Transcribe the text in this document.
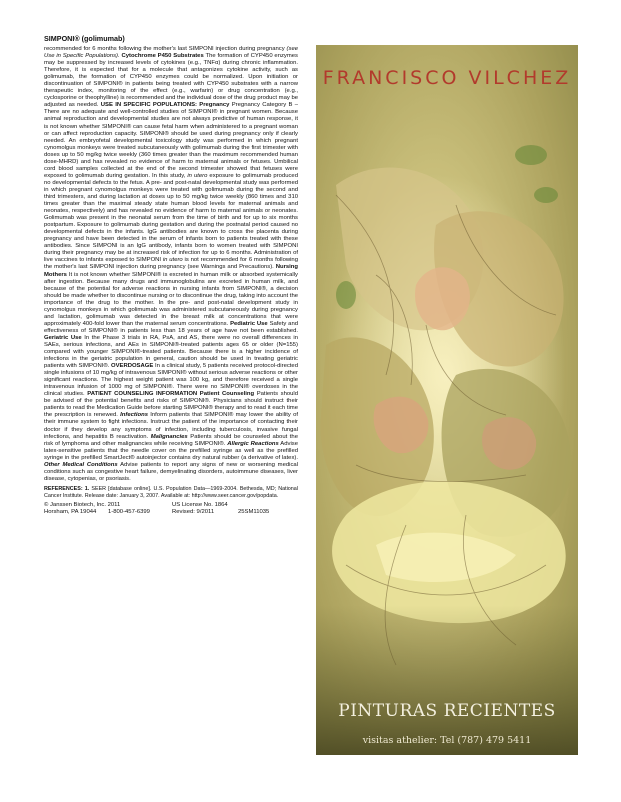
SIMPONI® (golimumab)

recommended for 6 months following the mother's last SIMPONI injection during pregnancy (see Use in Specific Populations). Cytochrome P450 Substrates The formation of CYP450 enzymes may be suppressed by increased levels of cytokines (e.g., TNFα) during chronic inflammation. Therefore, it is expected that for a molecule that antagonizes cytokine activity, such as golimumab, the formation of CYP450 enzymes could be normalized. Upon initiation or discontinuation of SIMPONI® in patients being treated with CYP450 substrates with a narrow therapeutic index, monitoring of the effect (e.g., warfarin) or drug concentration (e.g., cyclosporine or theophylline) is recommended and the individual dose of the drug product may be adjusted as needed. USE IN SPECIFIC POPULATIONS: Pregnancy Pregnancy Category B – There are no adequate and well-controlled studies of SIMPONI® in pregnant women. Because animal reproduction and developmental studies are not always predictive of human response, it is not known whether SIMPONI® can cause fetal harm when administered to a pregnant woman or can affect reproduction capacity. SIMPONI® should be used during pregnancy only if clearly needed. An embryofetal developmental toxicology study was performed in which pregnant cynomolgus monkeys were treated subcutaneously with golimumab during the first trimester with doses up to 50 mg/kg twice weekly (360 times greater than the maximum recommended human dose-MHRD) and has revealed no evidence of harm to maternal animals or fetuses. Umbilical cord blood samples collected at the end of the second trimester showed that fetuses were exposed to golimumab during gestation. In this study, in utero exposure to golimumab produced no developmental defects to the fetus. A pre- and post-natal developmental study was performed in which pregnant cynomolgus monkeys were treated with golimumab during the second and third trimesters, and during lactation at doses up to 50 mg/kg twice weekly (860 times and 310 times greater than the maximal steady state human blood levels for maternal animals and neonates, respectively) and has revealed no evidence of harm to maternal animals or neonates. Golimumab was present in the neonatal serum from the time of birth and for up to six months postpartum. Exposure to golimumab during gestation and during the postnatal period caused no developmental defects in the infants. IgG antibodies are known to cross the placenta during pregnancy and have been detected in the serum of infants born to patients treated with these antibodies. Since SIMPONI is an IgG antibody, infants born to women treated with SIMPONI during their pregnancy may be at increased risk of infection for up to 6 months. Administration of live vaccines to infants exposed to SIMPONI in utero is not recommended for 6 months following the mother's last SIMPONI injection during pregnancy (see Warnings and Precautions). Nursing Mothers It is not known whether SIMPONI® is excreted in human milk or absorbed systemically after ingestion. Because many drugs and immunoglobulins are excreted in human milk, and because of the potential for adverse reactions in nursing infants from SIMPONI®, a decision should be made whether to discontinue nursing or to discontinue the drug, taking into account the importance of the drug to the mother. In the pre- and post-natal development study in cynomolgus monkeys in which golimumab was administered subcutaneously during pregnancy and lactation, golimumab was detected in the breast milk at concentrations that were approximately 400-fold lower than the maternal serum concentrations. Pediatric Use Safety and effectiveness of SIMPONI® in patients less than 18 years of age have not been established. Geriatric Use In the Phase 3 trials in RA, PsA, and AS, there were no overall differences in SAEs, serious infections, and AEs in SIMPONI®-treated patients ages 65 or older (N=155) compared with younger SIMPONI®-treated patients. Because there is a higher incidence of infections in the geriatric population in general, caution should be used in treating geriatric patients with SIMPONI®. OVERDOSAGE In a clinical study, 5 patients received protocol-directed single infusions of 10 mg/kg of intravenous SIMPONI® without serious adverse reactions or other significant reactions. The highest weight patient was 100 kg, and therefore received a single intravenous infusion of 1000 mg of SIMPONI®. There were no SIMPONI® overdoses in the clinical studies. PATIENT COUNSELING INFORMATION Patient Counseling Patients should be advised of the potential benefits and risks of SIMPONI®. Physicians should instruct their patients to read the Medication Guide before starting SIMPONI® therapy and to read it each time the prescription is renewed. Infections Inform patients that SIMPONI® may lower the ability of their immune system to fight infections. Instruct the patient of the importance of contacting their doctor if they develop any symptoms of infection, including tuberculosis, invasive fungal infections, and hepatitis B reactivation. Malignancies Patients should be counseled about the risk of lymphoma and other malignancies while receiving SIMPONI®. Allergic Reactions Advise latex-sensitive patients that the needle cover on the prefilled syringe as well as the prefilled syringe in the prefilled SmartJect® autoinjector contains dry natural rubber (a derivative of latex). Other Medical Conditions Advise patients to report any signs of new or worsening medical conditions such as congestive heart failure, demyelinating disorders, autoimmune diseases, liver disease, cytopenias, or psoriasis.

REFERENCES: 1. SEER [database online]. U.S. Population Data—1969-2004. Bethesda, MD; National Cancer Institute. Release date: January 3, 2007. Available at: http://www.seer.cancer.gov/popdata.
© Janssen Biotech, Inc. 2011	US License No. 1864
Horsham, PA 19044	1-800-457-6399	Revised: 9/2011	25SM11035
FRANCISCO VILCHEZ
PINTURAS RECIENTES
visitas athelier: Tel (787) 479 5411
